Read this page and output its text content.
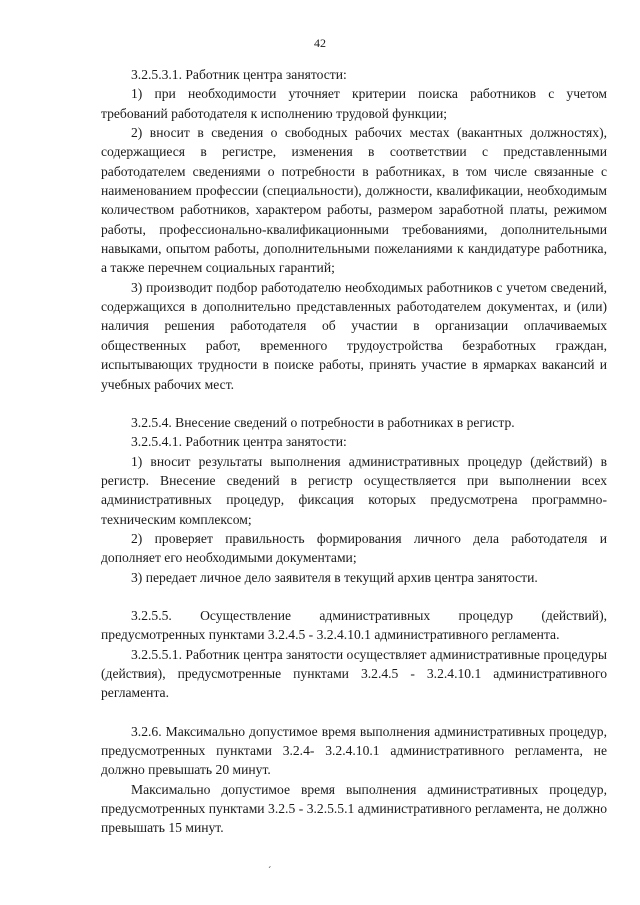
42

3.2.5.3.1. Работник центра занятости:

1) при необходимости уточняет критерии поиска работников с учетом требований работодателя к исполнению трудовой функции;

2) вносит в сведения о свободных рабочих местах (вакантных должностях), содержащиеся в регистре, изменения в соответствии с представленными работодателем сведениями о потребности в работниках, в том числе связанные с наименованием профессии (специальности), должности, квалификации, необходимым количеством работников, характером работы, размером заработной платы, режимом работы, профессионально-квалификационными требованиями, дополнительными навыками, опытом работы, дополнительными пожеланиями к кандидатуре работника, а также перечнем социальных гарантий;

3) производит подбор работодателю необходимых работников с учетом сведений, содержащихся в дополнительно представленных работодателем документах, и (или) наличия решения работодателя об участии в организации оплачиваемых общественных работ, временного трудоустройства безработных граждан, испытывающих трудности в поиске работы, принять участие в ярмарках вакансий и учебных рабочих мест.

3.2.5.4. Внесение сведений о потребности в работниках в регистр.

3.2.5.4.1. Работник центра занятости:

1) вносит результаты выполнения административных процедур (действий) в регистр. Внесение сведений в регистр осуществляется при выполнении всех административных процедур, фиксация которых предусмотрена программно-техническим комплексом;

2) проверяет правильность формирования личного дела работодателя и дополняет его необходимыми документами;

3) передает личное дело заявителя в текущий архив центра занятости.

3.2.5.5. Осуществление административных процедур (действий), предусмотренных пунктами 3.2.4.5 - 3.2.4.10.1 административного регламента.

3.2.5.5.1. Работник центра занятости осуществляет административные процедуры (действия), предусмотренные пунктами 3.2.4.5 - 3.2.4.10.1 административного регламента.

3.2.6. Максимально допустимое время выполнения административных процедур, предусмотренных пунктами 3.2.4- 3.2.4.10.1 административного регламента, не должно превышать 20 минут.

Максимально допустимое время выполнения административных процедур, предусмотренных пунктами 3.2.5 - 3.2.5.5.1 административного регламента, не должно превышать 15 минут.

ˊ
